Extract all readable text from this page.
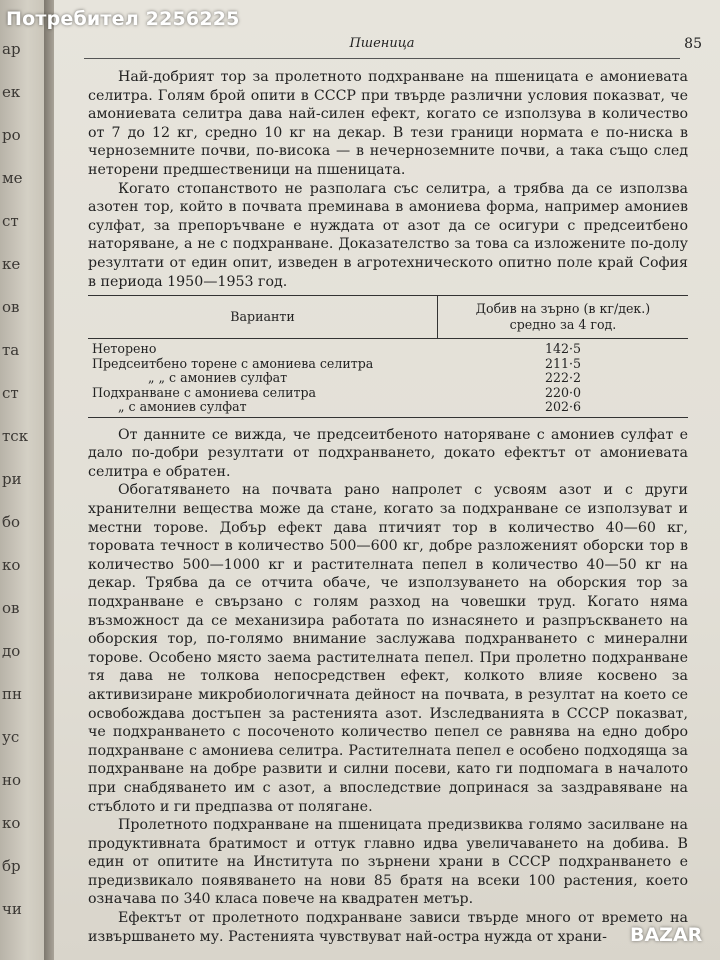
ар
ек
ро
ме
ст
ке
ов
та
ст
тск
ри
бо
ко
ов
до
пн
ус
но
ко
бр
чи
Пшеница	85

Най-добрият тор за пролетното подхранване на пшеницата е амониевата селитра. Голям брой опити в СССР при твърде различни условия показват, че амониевата селитра дава най-силен ефект, когато се използува в количество от 7 до 12 кг, средно 10 кг на декар. В тези граници нормата е по-ниска в черноземните почви, по-висока — в нечерноземните почви, а така също след неторени предшественици на пшеницата.

Когато стопанството не разполага със селитра, а трябва да се използва азотен тор, който в почвата преминава в амониева форма, например амониев сулфат, за препоръчване е нуждата от азот да се осигури с предсеитбено наторяване, а не с подхранване. Доказателство за това са изложените по-долу резултати от един опит, изведен в агротехническото опитно поле край София в периода 1950—1953 год.

Варианти
Добив на зърно (в кг/дек.)
средно за 4 год.
Неторено	142·5
Предсеитбено торене с амониева селитра	211·5
„ „ с амониев сулфат	222·2
Подхранване с амониева селитра	220·0
„ с амониев сулфат	202·6

От данните се вижда, че предсеитбеното наторяване с амониев сулфат е дало по-добри резултати от подхранването, докато ефектът от амониевата селитра е обратен.

Обогатяването на почвата рано напролет с усвоям азот и с други хранителни вещества може да стане, когато за подхранване се използуват и местни торове. Добър ефект дава птичият тор в количество 40—60 кг, торовата течност в количество 500—600 кг, добре разложеният оборски тор в количество 500—1000 кг и растителната пепел в количество 40—50 кг на декар. Трябва да се отчита обаче, че използуването на оборския тор за подхранване е свързано с голям разход на човешки труд. Когато няма възможност да се механизира работата по изнасянето и разпръскването на оборския тор, по-голямо внимание заслужава подхранването с минерални торове. Особено място заема растителната пепел. При пролетно подхранване тя дава не толкова непосредствен ефект, колкото влияе косвено за активизиране микробиологичната дейност на почвата, в резултат на което се освобождава достъпен за растенията азот. Изследванията в СССР показват, че подхранването с посоченото количество пепел се равнява на едно добро подхранване с амониева селитра. Растителната пепел е особено подходяща за подхранване на добре развити и силни посеви, като ги подпомага в началото при снабдяването им с азот, а впоследствие допринася за заздравяване на стъблото и ги предпазва от полягане.

Пролетното подхранване на пшеницата предизвиква голямо засилване на продуктивната братимост и оттук главно идва увеличаването на добива. В един от опитите на Института по зърнени храни в СССР подхранването е предизвикало появяването на нови 85 братя на всеки 100 растения, което означава по 340 класа повече на квадратен метър.

Ефектът от пролетното подхранване зависи твърде много от времето на извършването му. Растенията чувствуват най-остра нужда от храни-	BAZAR
Потребител 2256225
